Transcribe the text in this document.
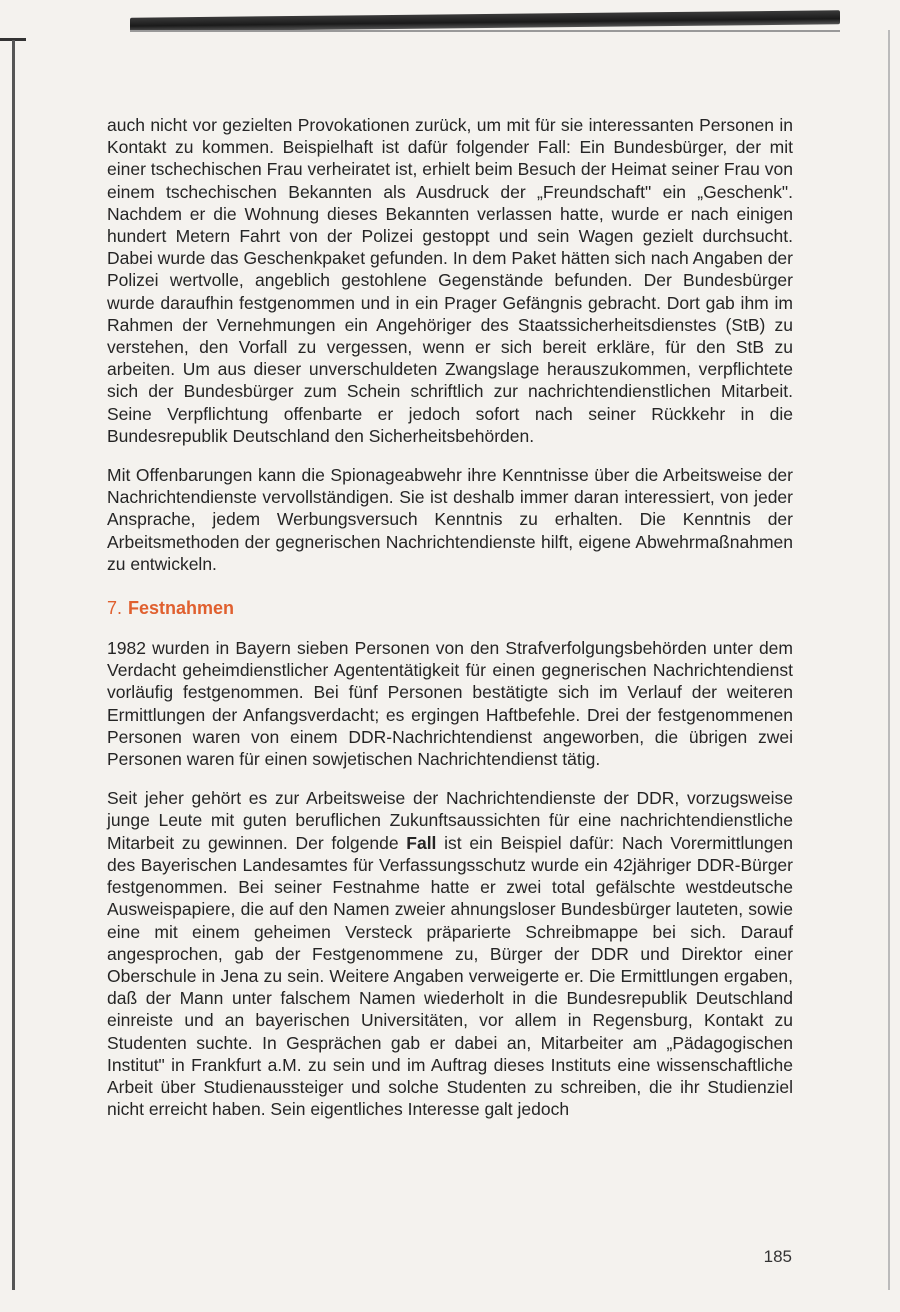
auch nicht vor gezielten Provokationen zurück, um mit für sie interessanten Personen in Kontakt zu kommen. Beispielhaft ist dafür folgender Fall: Ein Bundesbürger, der mit einer tschechischen Frau verheiratet ist, erhielt beim Besuch der Heimat seiner Frau von einem tschechischen Bekannten als Ausdruck der „Freundschaft" ein „Geschenk". Nachdem er die Wohnung dieses Bekannten verlassen hatte, wurde er nach einigen hundert Metern Fahrt von der Polizei gestoppt und sein Wagen gezielt durchsucht. Dabei wurde das Geschenkpaket gefunden. In dem Paket hätten sich nach Angaben der Polizei wertvolle, angeblich gestohlene Gegenstände befunden. Der Bundesbürger wurde daraufhin festgenommen und in ein Prager Gefängnis gebracht. Dort gab ihm im Rahmen der Vernehmungen ein Angehöriger des Staatssicherheitsdienstes (StB) zu verstehen, den Vorfall zu vergessen, wenn er sich bereit erkläre, für den StB zu arbeiten. Um aus dieser unverschuldeten Zwangslage herauszukommen, verpflichtete sich der Bundesbürger zum Schein schriftlich zur nachrichtendienstlichen Mitarbeit. Seine Verpflichtung offenbarte er jedoch sofort nach seiner Rückkehr in die Bundesrepublik Deutschland den Sicherheitsbehörden.

Mit Offenbarungen kann die Spionageabwehr ihre Kenntnisse über die Arbeitsweise der Nachrichtendienste vervollständigen. Sie ist deshalb immer daran interessiert, von jeder Ansprache, jedem Werbungsversuch Kenntnis zu erhalten. Die Kenntnis der Arbeitsmethoden der gegnerischen Nachrichtendienste hilft, eigene Abwehrmaßnahmen zu entwickeln.

7. Festnahmen

1982 wurden in Bayern sieben Personen von den Strafverfolgungsbehörden unter dem Verdacht geheimdienstlicher Agententätigkeit für einen gegnerischen Nachrichtendienst vorläufig festgenommen. Bei fünf Personen bestätigte sich im Verlauf der weiteren Ermittlungen der Anfangsverdacht; es ergingen Haftbefehle. Drei der festgenommenen Personen waren von einem DDR-Nachrichtendienst angeworben, die übrigen zwei Personen waren für einen sowjetischen Nachrichtendienst tätig.

Seit jeher gehört es zur Arbeitsweise der Nachrichtendienste der DDR, vorzugsweise junge Leute mit guten beruflichen Zukunftsaussichten für eine nachrichtendienstliche Mitarbeit zu gewinnen. Der folgende Fall ist ein Beispiel dafür: Nach Vorermittlungen des Bayerischen Landesamtes für Verfassungsschutz wurde ein 42jähriger DDR-Bürger festgenommen. Bei seiner Festnahme hatte er zwei total gefälschte westdeutsche Ausweispapiere, die auf den Namen zweier ahnungsloser Bundesbürger lauteten, sowie eine mit einem geheimen Versteck präparierte Schreibmappe bei sich. Darauf angesprochen, gab der Festgenommene zu, Bürger der DDR und Direktor einer Oberschule in Jena zu sein. Weitere Angaben verweigerte er. Die Ermittlungen ergaben, daß der Mann unter falschem Namen wiederholt in die Bundesrepublik Deutschland einreiste und an bayerischen Universitäten, vor allem in Regensburg, Kontakt zu Studenten suchte. In Gesprächen gab er dabei an, Mitarbeiter am „Pädagogischen Institut" in Frankfurt a.M. zu sein und im Auftrag dieses Instituts eine wissenschaftliche Arbeit über Studienaussteiger und solche Studenten zu schreiben, die ihr Studienziel nicht erreicht haben. Sein eigentliches Interesse galt jedoch

185
